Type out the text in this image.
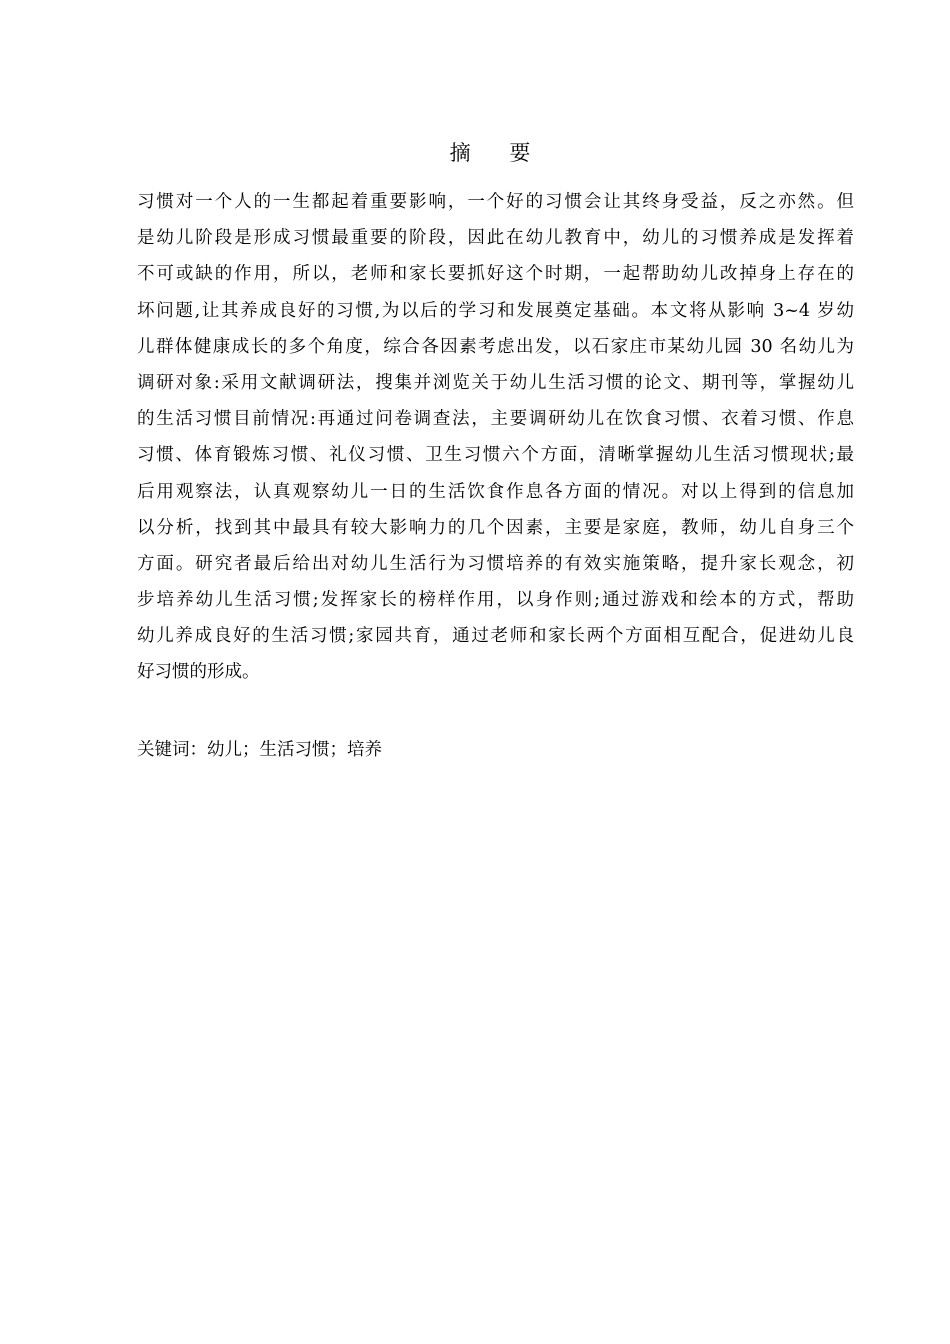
摘 要
习惯对一个人的一生都起着重要影响，一个好的习惯会让其终身受益，反之亦然。但
是幼儿阶段是形成习惯最重要的阶段，因此在幼儿教育中，幼儿的习惯养成是发挥着
不可或缺的作用，所以，老师和家长要抓好这个时期，一起帮助幼儿改掉身上存在的
坏问题,让其养成良好的习惯,为以后的学习和发展奠定基础。本文将从影响 3~4 岁幼
儿群体健康成长的多个角度，综合各因素考虑出发，以石家庄市某幼儿园 30 名幼儿为
调研对象:采用文献调研法，搜集并浏览关于幼儿生活习惯的论文、期刊等，掌握幼儿
的生活习惯目前情况:再通过问卷调查法，主要调研幼儿在饮食习惯、衣着习惯、作息
习惯、体育锻炼习惯、礼仪习惯、卫生习惯六个方面，清晰掌握幼儿生活习惯现状;最
后用观察法，认真观察幼儿一日的生活饮食作息各方面的情况。对以上得到的信息加
以分析，找到其中最具有较大影响力的几个因素，主要是家庭，教师，幼儿自身三个
方面。研究者最后给出对幼儿生活行为习惯培养的有效实施策略，提升家长观念，初
步培养幼儿生活习惯;发挥家长的榜样作用，以身作则;通过游戏和绘本的方式，帮助
幼儿养成良好的生活习惯;家园共育，通过老师和家长两个方面相互配合，促进幼儿良
好习惯的形成。
关键词：幼儿；生活习惯；培养
